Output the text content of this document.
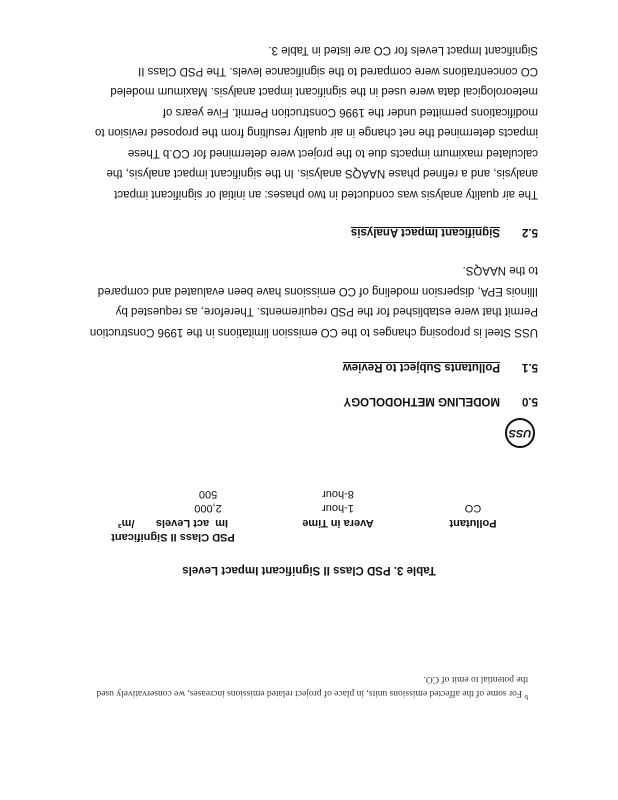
$^b$ For some of the affected emissions units, in place of project related emissions increases, we conservatively used
the potential to emit of CO.
Table 3. PSD Class II Significant Impact Levels
Pollutant
Avera in Time
PSD Class II Significant
Im  act Levels       /m³
CO
1-hour
8-hour
2,000
500
USS
5.0MODELING METHODOLOGY
5.1Pollutants Subject to Review
USS Steel is proposing changes to the CO emission limitations in the 1996 Construction
Permit that were established for the PSD requirements. Therefore, as requested by
Illinois EPA, dispersion modeling of CO emissions have been evaluated and compared
to the NAAQS.
5.2Significant Impact Analysis
The air quality analysis was conducted in two phases: an initial or significant impact
analysis, and a refined phase NAAQS analysis. In the significant impact analysis, the
calculated maximum impacts due to the project were determined for CO.b These
impacts determined the net change in air quality resulting from the proposed revision to
modifications permitted under the 1996 Construction Permit. Five years of
meteorological data were used in the significant impact analysis. Maximum modeled
CO concentrations were compared to the significance levels. The PSD Class II
Significant Impact Levels for CO are listed in Table 3.
